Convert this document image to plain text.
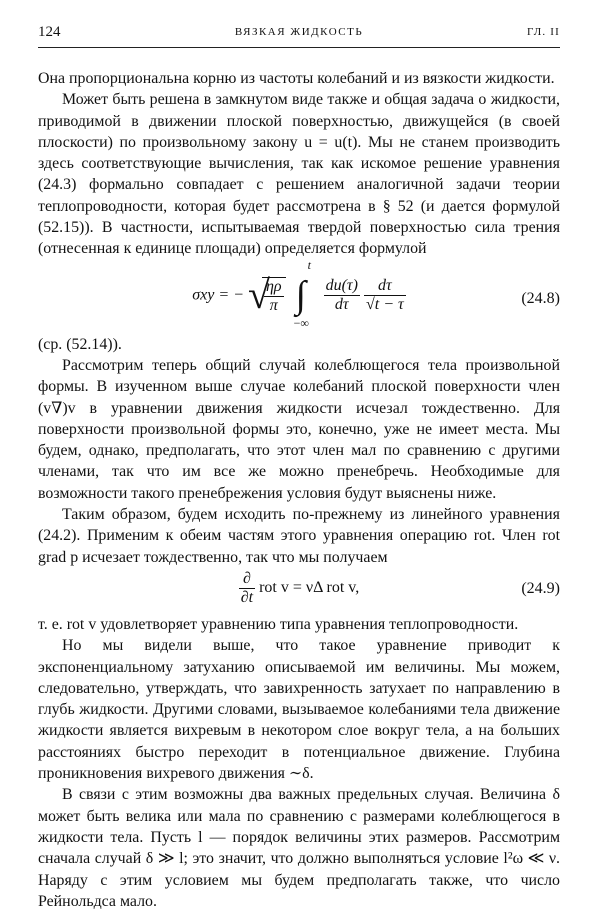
124	ВЯЗКАЯ ЖИДКОСТЬ	ГЛ. II

Она пропорциональна корню из частоты колебаний и из вязкости жидкости.

Может быть решена в замкнутом виде также и общая задача о жидкости, приводимой в движении плоской поверхностью, движущейся (в своей плоскости) по произвольному закону u = u(t). Мы не станем производить здесь соответствующие вычисления, так как искомое решение уравнения (24.3) формально совпадает с решением аналогичной задачи теории теплопроводности, которая будет рассмотрена в § 52 (и дается формулой (52.15)). В частности, испытываемая твердой поверхностью сила трения (отнесенная к единице площади) определяется формулой

σxy = − √
$\frac{\eta\rho}{\pi}$

t
∫
−∞

$\frac{du(\tau)}{d\tau}$
$\frac{d\tau}{√t - \tau}$	(24.8)

(ср. (52.14)).

Рассмотрим теперь общий случай колеблющегося тела произвольной формы. В изученном выше случае колебаний плоской поверхности член (v∇)v в уравнении движения жидкости исчезал тождественно. Для поверхности произвольной формы это, конечно, уже не имеет места. Мы будем, однако, предполагать, что этот член мал по сравнению с другими членами, так что им все же можно пренебречь. Необходимые для возможности такого пренебрежения условия будут выяснены ниже.

Таким образом, будем исходить по-прежнему из линейного уравнения (24.2). Применим к обеим частям этого уравнения операцию rot. Член rot grad p исчезает тождественно, так что мы получаем

$\frac{\partial}{\partial t}$ rot v = νΔ rot v,	(24.9)

т. е. rot v удовлетворяет уравнению типа уравнения теплопроводности.

Но мы видели выше, что такое уравнение приводит к экспоненциальному затуханию описываемой им величины. Мы можем, следовательно, утверждать, что завихренность затухает по направлению в глубь жидкости. Другими словами, вызываемое колебаниями тела движение жидкости является вихревым в некотором слое вокруг тела, а на больших расстояниях быстро переходит в потенциальное движение. Глубина проникновения вихревого движения ∼δ.

В связи с этим возможны два важных предельных случая. Величина δ может быть велика или мала по сравнению с размерами колеблющегося в жидкости тела. Пусть l — порядок величины этих размеров. Рассмотрим сначала случай δ ≫ l; это значит, что должно выполняться условие l²ω ≪ ν. Наряду с этим условием мы будем предполагать также, что число Рейнольдса мало.
